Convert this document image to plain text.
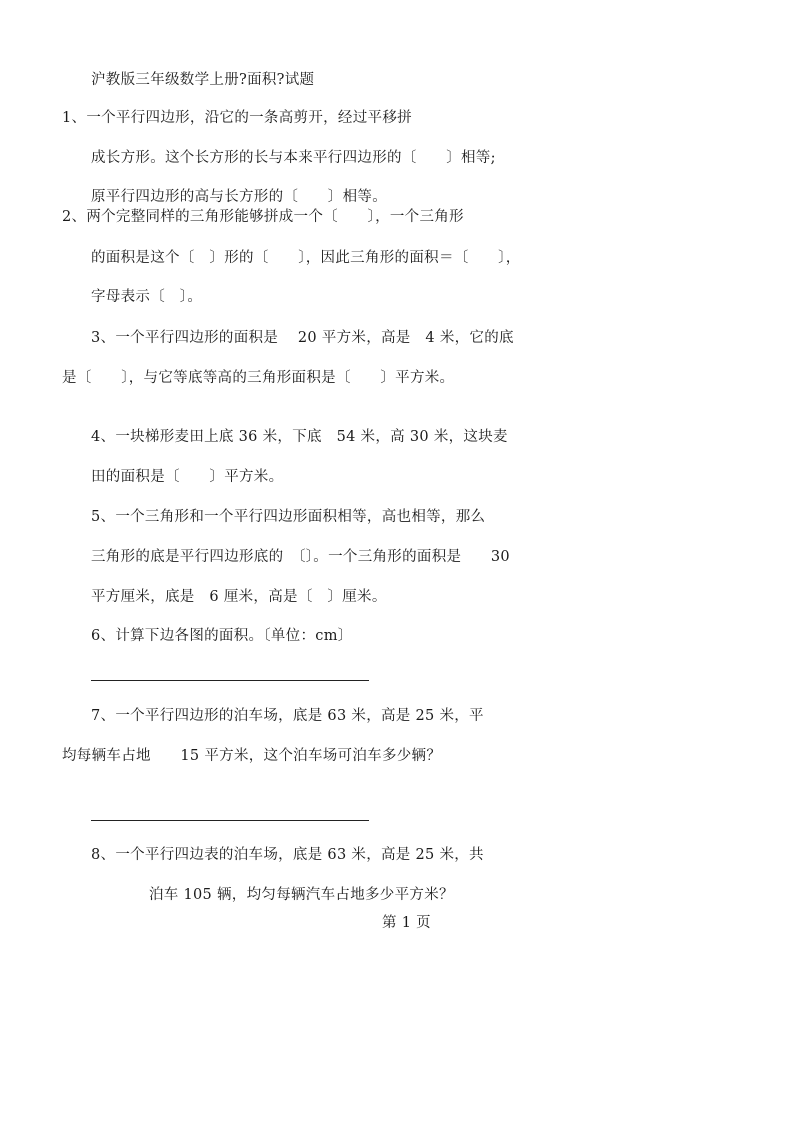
沪教版三年级数学上册?面积?试题
1、一个平行四边形，沿它的一条高剪开，经过平移拼
成长方形。这个长方形的长与本来平行四边形的〔　　〕相等;
原平行四边形的高与长方形的〔　　〕相等。
2、两个完整同样的三角形能够拼成一个〔　　〕，一个三角形
的面积是这个〔　〕形的〔　　〕，因此三角形的面积＝〔　　〕，
字母表示〔　〕。
3、一个平行四边形的面积是　 20 平方米，高是　4 米，它的底
是〔　　〕，与它等底等高的三角形面积是〔　　〕平方米。
4、一块梯形麦田上底 36 米，下底　54 米，高 30 米，这块麦
田的面积是〔　　〕平方米。
5、一个三角形和一个平行四边形面积相等，高也相等，那么
三角形的底是平行四边形底的　〔〕。一个三角形的面积是　　30
平方厘米，底是　6 厘米，高是〔　〕厘米。
6、计算下边各图的面积。〔单位：cm〕
7、一个平行四边形的泊车场，底是 63 米，高是 25 米，平
均每辆车占地　　15 平方米，这个泊车场可泊车多少辆？
8、一个平行四边表的泊车场，底是 63 米，高是 25 米，共
泊车 105 辆，均匀每辆汽车占地多少平方米？
第 1 页
